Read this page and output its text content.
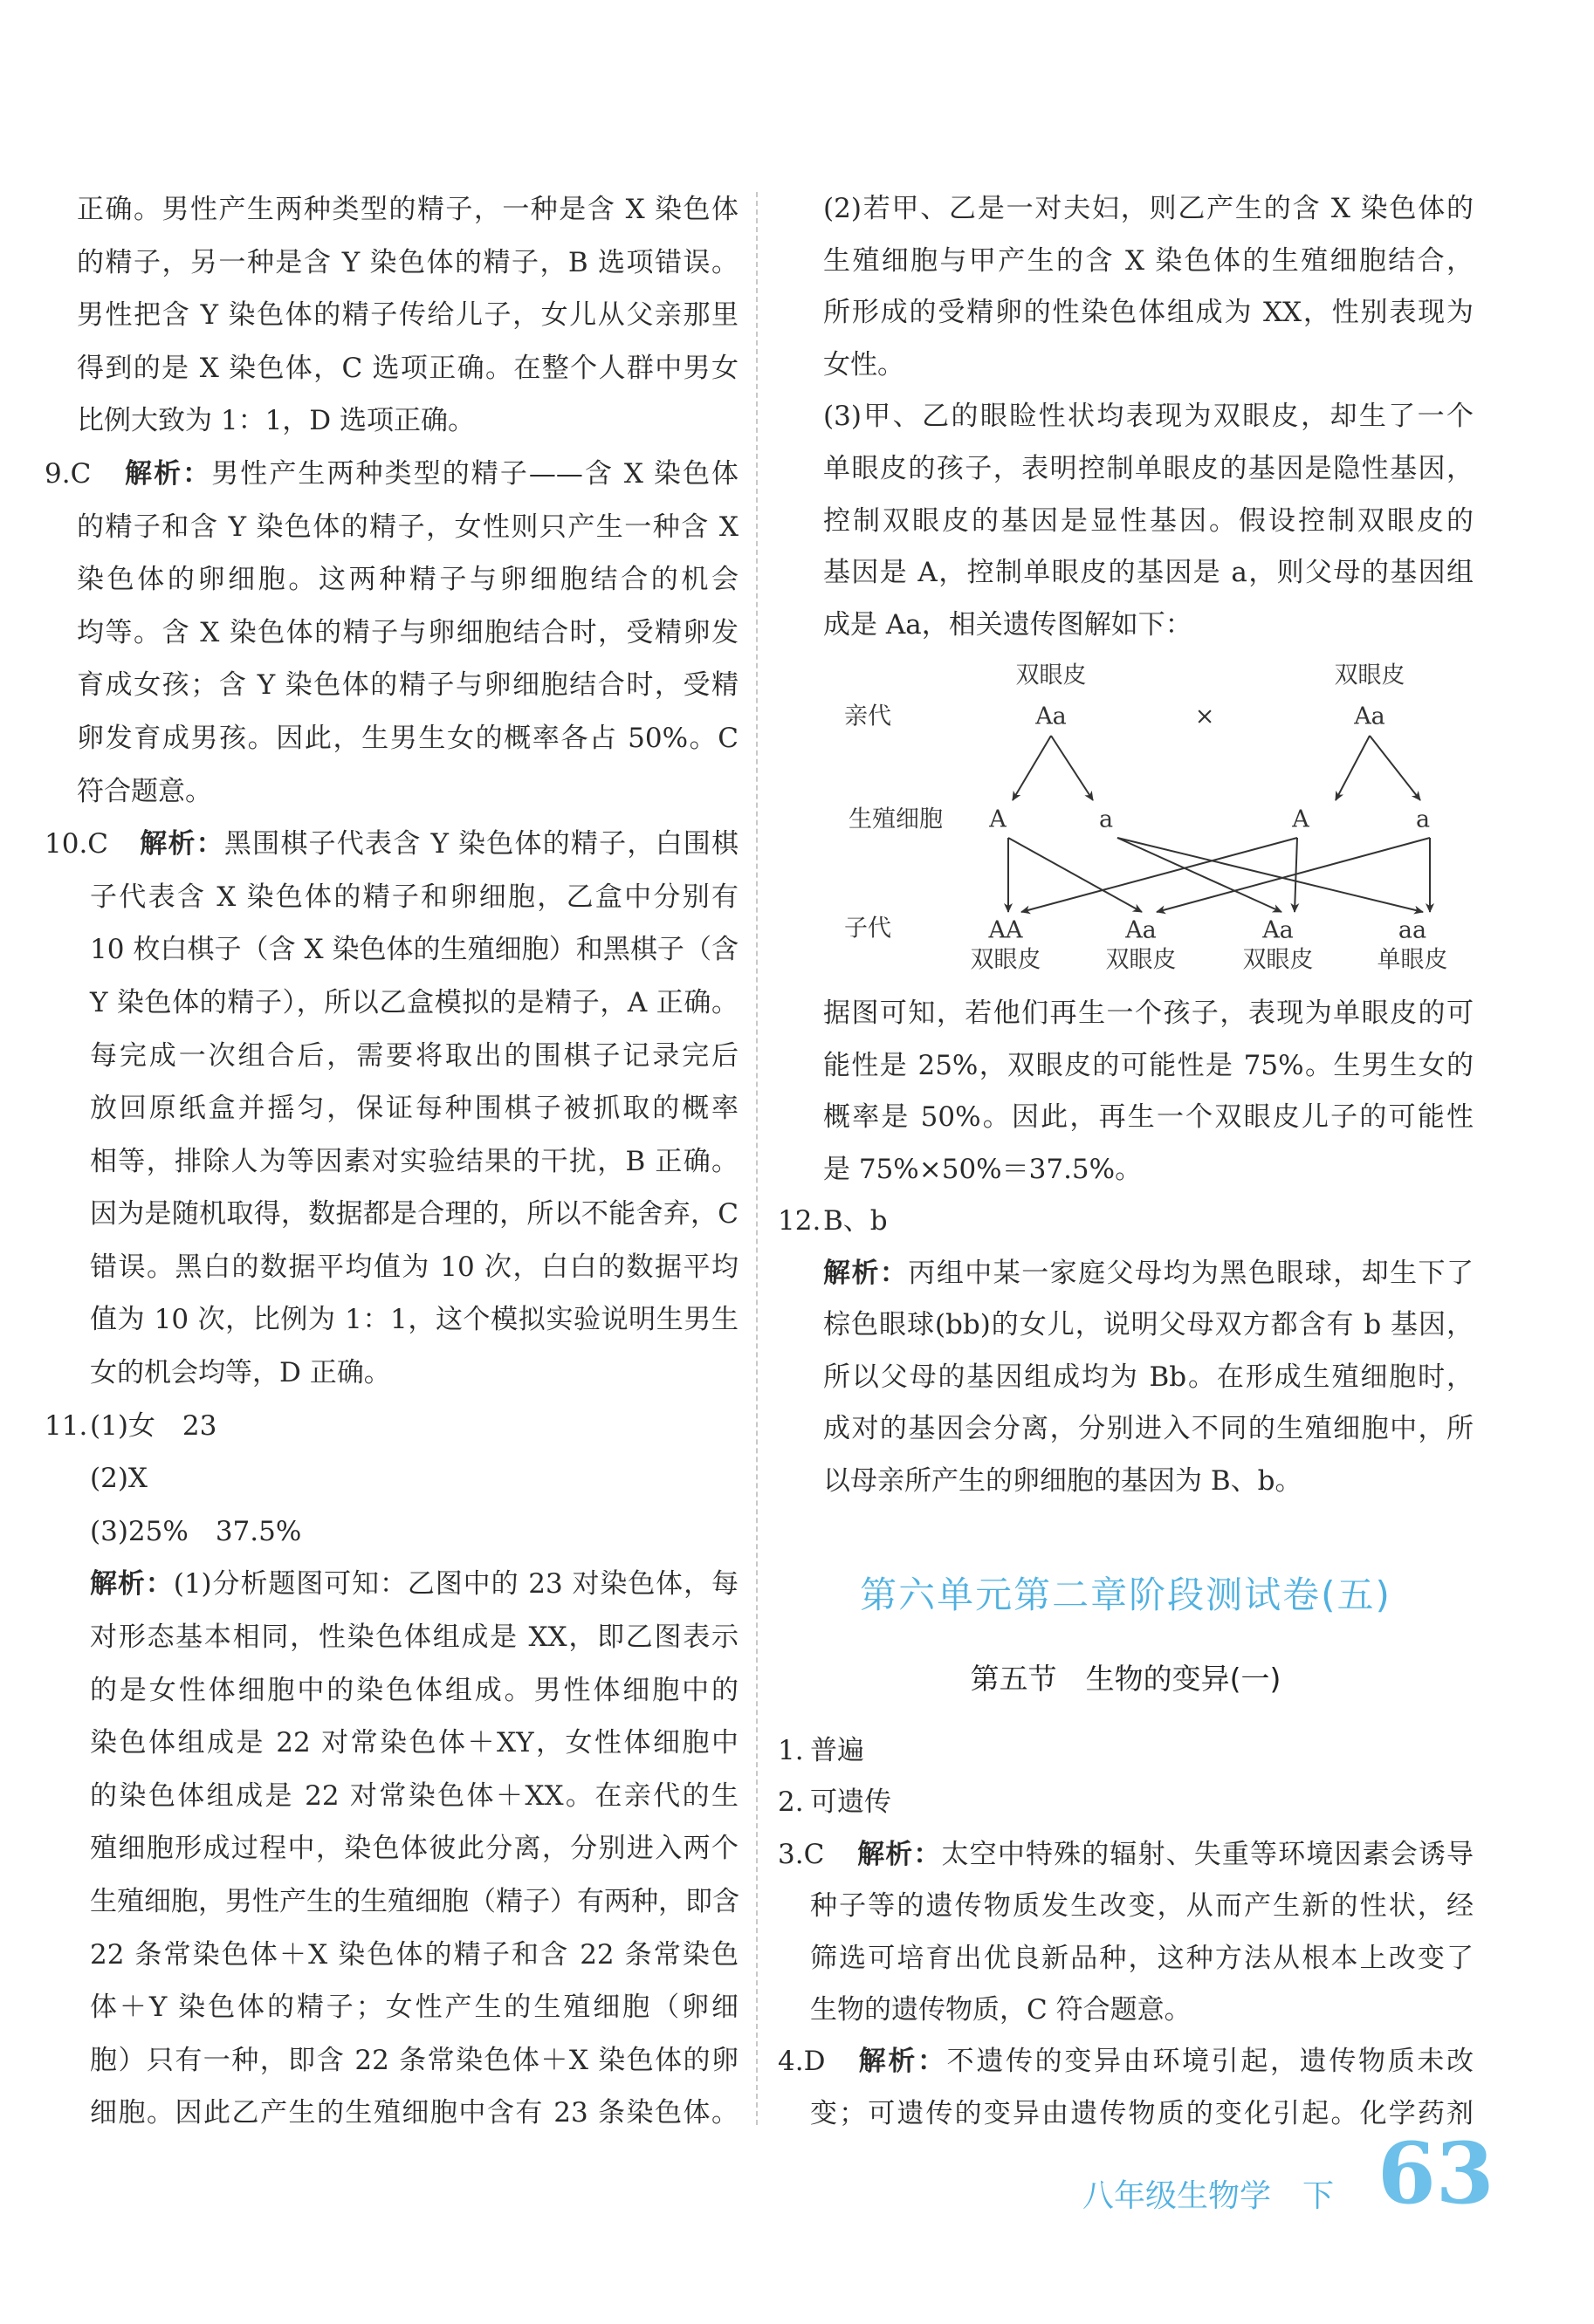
正确。男性产生两种类型的精子，一种是含 X 染色体
的精子，另一种是含 Y 染色体的精子，B 选项错误。
男性把含 Y 染色体的精子传给儿子，女儿从父亲那里
得到的是 X 染色体，C 选项正确。在整个人群中男女
比例大致为 1：1，D 选项正确。
9.C 解析：男性产生两种类型的精子——含 X 染色体
的精子和含 Y 染色体的精子，女性则只产生一种含 X
染色体的卵细胞。这两种精子与卵细胞结合的机会
均等。含 X 染色体的精子与卵细胞结合时，受精卵发
育成女孩；含 Y 染色体的精子与卵细胞结合时，受精
卵发育成男孩。因此，生男生女的概率各占 50%。C
符合题意。
10.C 解析：黑围棋子代表含 Y 染色体的精子，白围棋
子代表含 X 染色体的精子和卵细胞，乙盒中分别有
10 枚白棋子（含 X 染色体的生殖细胞）和黑棋子（含
Y 染色体的精子），所以乙盒模拟的是精子，A 正确。
每完成一次组合后，需要将取出的围棋子记录完后
放回原纸盒并摇匀，保证每种围棋子被抓取的概率
相等，排除人为等因素对实验结果的干扰，B 正确。
因为是随机取得，数据都是合理的，所以不能舍弃，C
错误。黑白的数据平均值为 10 次，白白的数据平均
值为 10 次，比例为 1：1，这个模拟实验说明生男生
女的机会均等，D 正确。
11.(1)女　23
(2)X
(3)25%　37.5%
解析：(1)分析题图可知：乙图中的 23 对染色体，每
对形态基本相同，性染色体组成是 XX，即乙图表示
的是女性体细胞中的染色体组成。男性体细胞中的
染色体组成是 22 对常染色体＋XY，女性体细胞中
的染色体组成是 22 对常染色体＋XX。在亲代的生
殖细胞形成过程中，染色体彼此分离，分别进入两个
生殖细胞，男性产生的生殖细胞（精子）有两种，即含
22 条常染色体＋X 染色体的精子和含 22 条常染色
体＋Y 染色体的精子；女性产生的生殖细胞（卵细
胞）只有一种，即含 22 条常染色体＋X 染色体的卵
细胞。因此乙产生的生殖细胞中含有 23 条染色体。
(2)若甲、乙是一对夫妇，则乙产生的含 X 染色体的
生殖细胞与甲产生的含 X 染色体的生殖细胞结合，
所形成的受精卵的性染色体组成为 XX，性别表现为
女性。
(3)甲、乙的眼睑性状均表现为双眼皮，却生了一个
单眼皮的孩子，表明控制单眼皮的基因是隐性基因，
控制双眼皮的基因是显性基因。假设控制双眼皮的
基因是 A，控制单眼皮的基因是 a，则父母的基因组
成是 Aa，相关遗传图解如下：
亲代
生殖细胞
子代
双眼皮	双眼皮
Aa	×	Aa
A	a	A	a
AA	Aa	Aa	aa
双眼皮	双眼皮	双眼皮	单眼皮
据图可知，若他们再生一个孩子，表现为单眼皮的可
能性是 25%，双眼皮的可能性是 75%。生男生女的
概率是 50%。因此，再生一个双眼皮儿子的可能性
是 75%×50%＝37.5%。
12.B、b
解析：丙组中某一家庭父母均为黑色眼球，却生下了
棕色眼球(bb)的女儿，说明父母双方都含有 b 基因，
所以父母的基因组成均为 Bb。在形成生殖细胞时，
成对的基因会分离，分别进入不同的生殖细胞中，所
以母亲所产生的卵细胞的基因为 B、b。
第六单元第二章阶段测试卷(五)
第五节　生物的变异(一)
1. 普遍
2. 可遗传
3.C 解析：太空中特殊的辐射、失重等环境因素会诱导
种子等的遗传物质发生改变，从而产生新的性状，经
筛选可培育出优良新品种，这种方法从根本上改变了
生物的遗传物质，C 符合题意。
4.D 解析：不遗传的变异由环境引起，遗传物质未改
变；可遗传的变异由遗传物质的变化引起。化学药剂
八年级生物学　下 63
